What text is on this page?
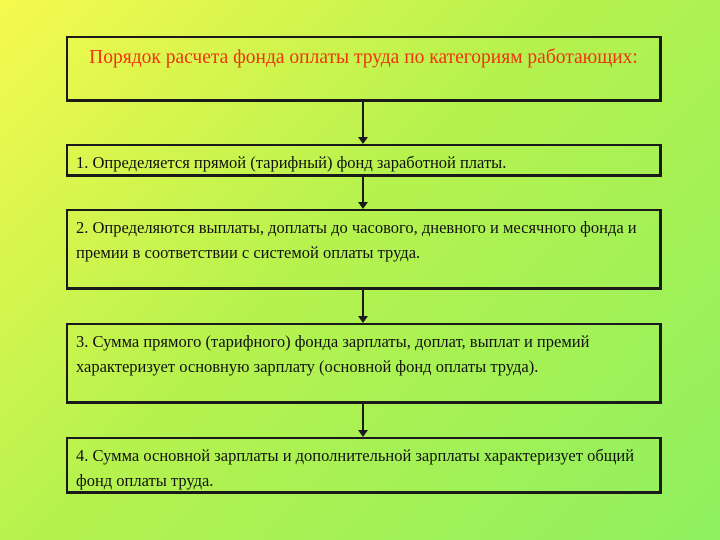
Порядок расчета фонда оплаты труда по категориям работающих:
1. Определяется прямой (тарифный) фонд заработной платы.
2. Определяются выплаты, доплаты до часового, дневного и месячного фонда и премии в соответствии с системой оплаты труда.
3. Сумма прямого (тарифного) фонда зарплаты, доплат, выплат и премий характеризует основную зарплату (основной фонд оплаты труда).
4. Сумма основной зарплаты и дополнительной зарплаты характеризует общий фонд оплаты труда.
